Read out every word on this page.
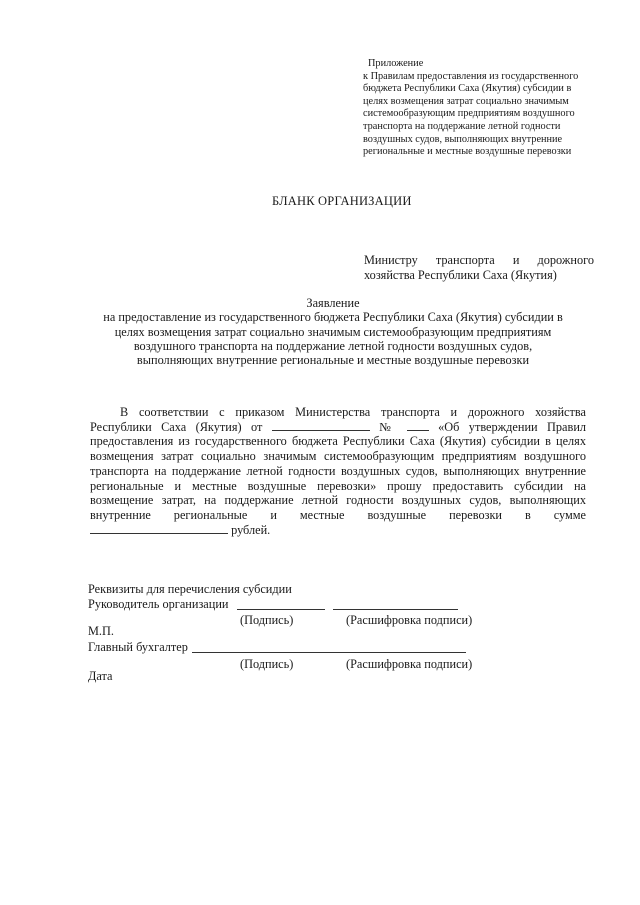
Приложение
к Правилам предоставления из государственного
бюджета Республики Саха (Якутия) субсидии в
целях возмещения затрат социально значимым
системообразующим предприятиям воздушного
транспорта на поддержание летной годности
воздушных судов, выполняющих внутренние
региональные и местные воздушные перевозки
БЛАНК ОРГАНИЗАЦИИ
Министру транспорта и дорожного
хозяйства Республики Саха (Якутия)
Заявление
на предоставление из государственного бюджета Республики Саха (Якутия) субсидии в
целях возмещения затрат социально значимым системообразующим предприятиям
воздушного транспорта на поддержание летной годности воздушных судов,
выполняющих внутренние региональные и местные воздушные перевозки
В соответствии с приказом Министерства транспорта и дорожного хозяйства
Республики Саха (Якутия) от	№	«Об утверждении Правил
предоставления из государственного бюджета Республики Саха (Якутия) субсидии в целях
возмещения затрат социально значимым системообразующим предприятиям воздушного
транспорта на поддержание летной годности воздушных судов, выполняющих внутренние
региональные и местные воздушные перевозки» прошу предоставить субсидии на
возмещение затрат, на поддержание летной годности воздушных судов, выполняющих
внутренние региональные и местные воздушные перевозки в сумме
рублей.
Реквизиты для перечисления субсидии
Руководитель организации
(Подпись)	(Расшифровка подписи)
М.П.
Главный бухгалтер
(Подпись)	(Расшифровка подписи)
Дата
